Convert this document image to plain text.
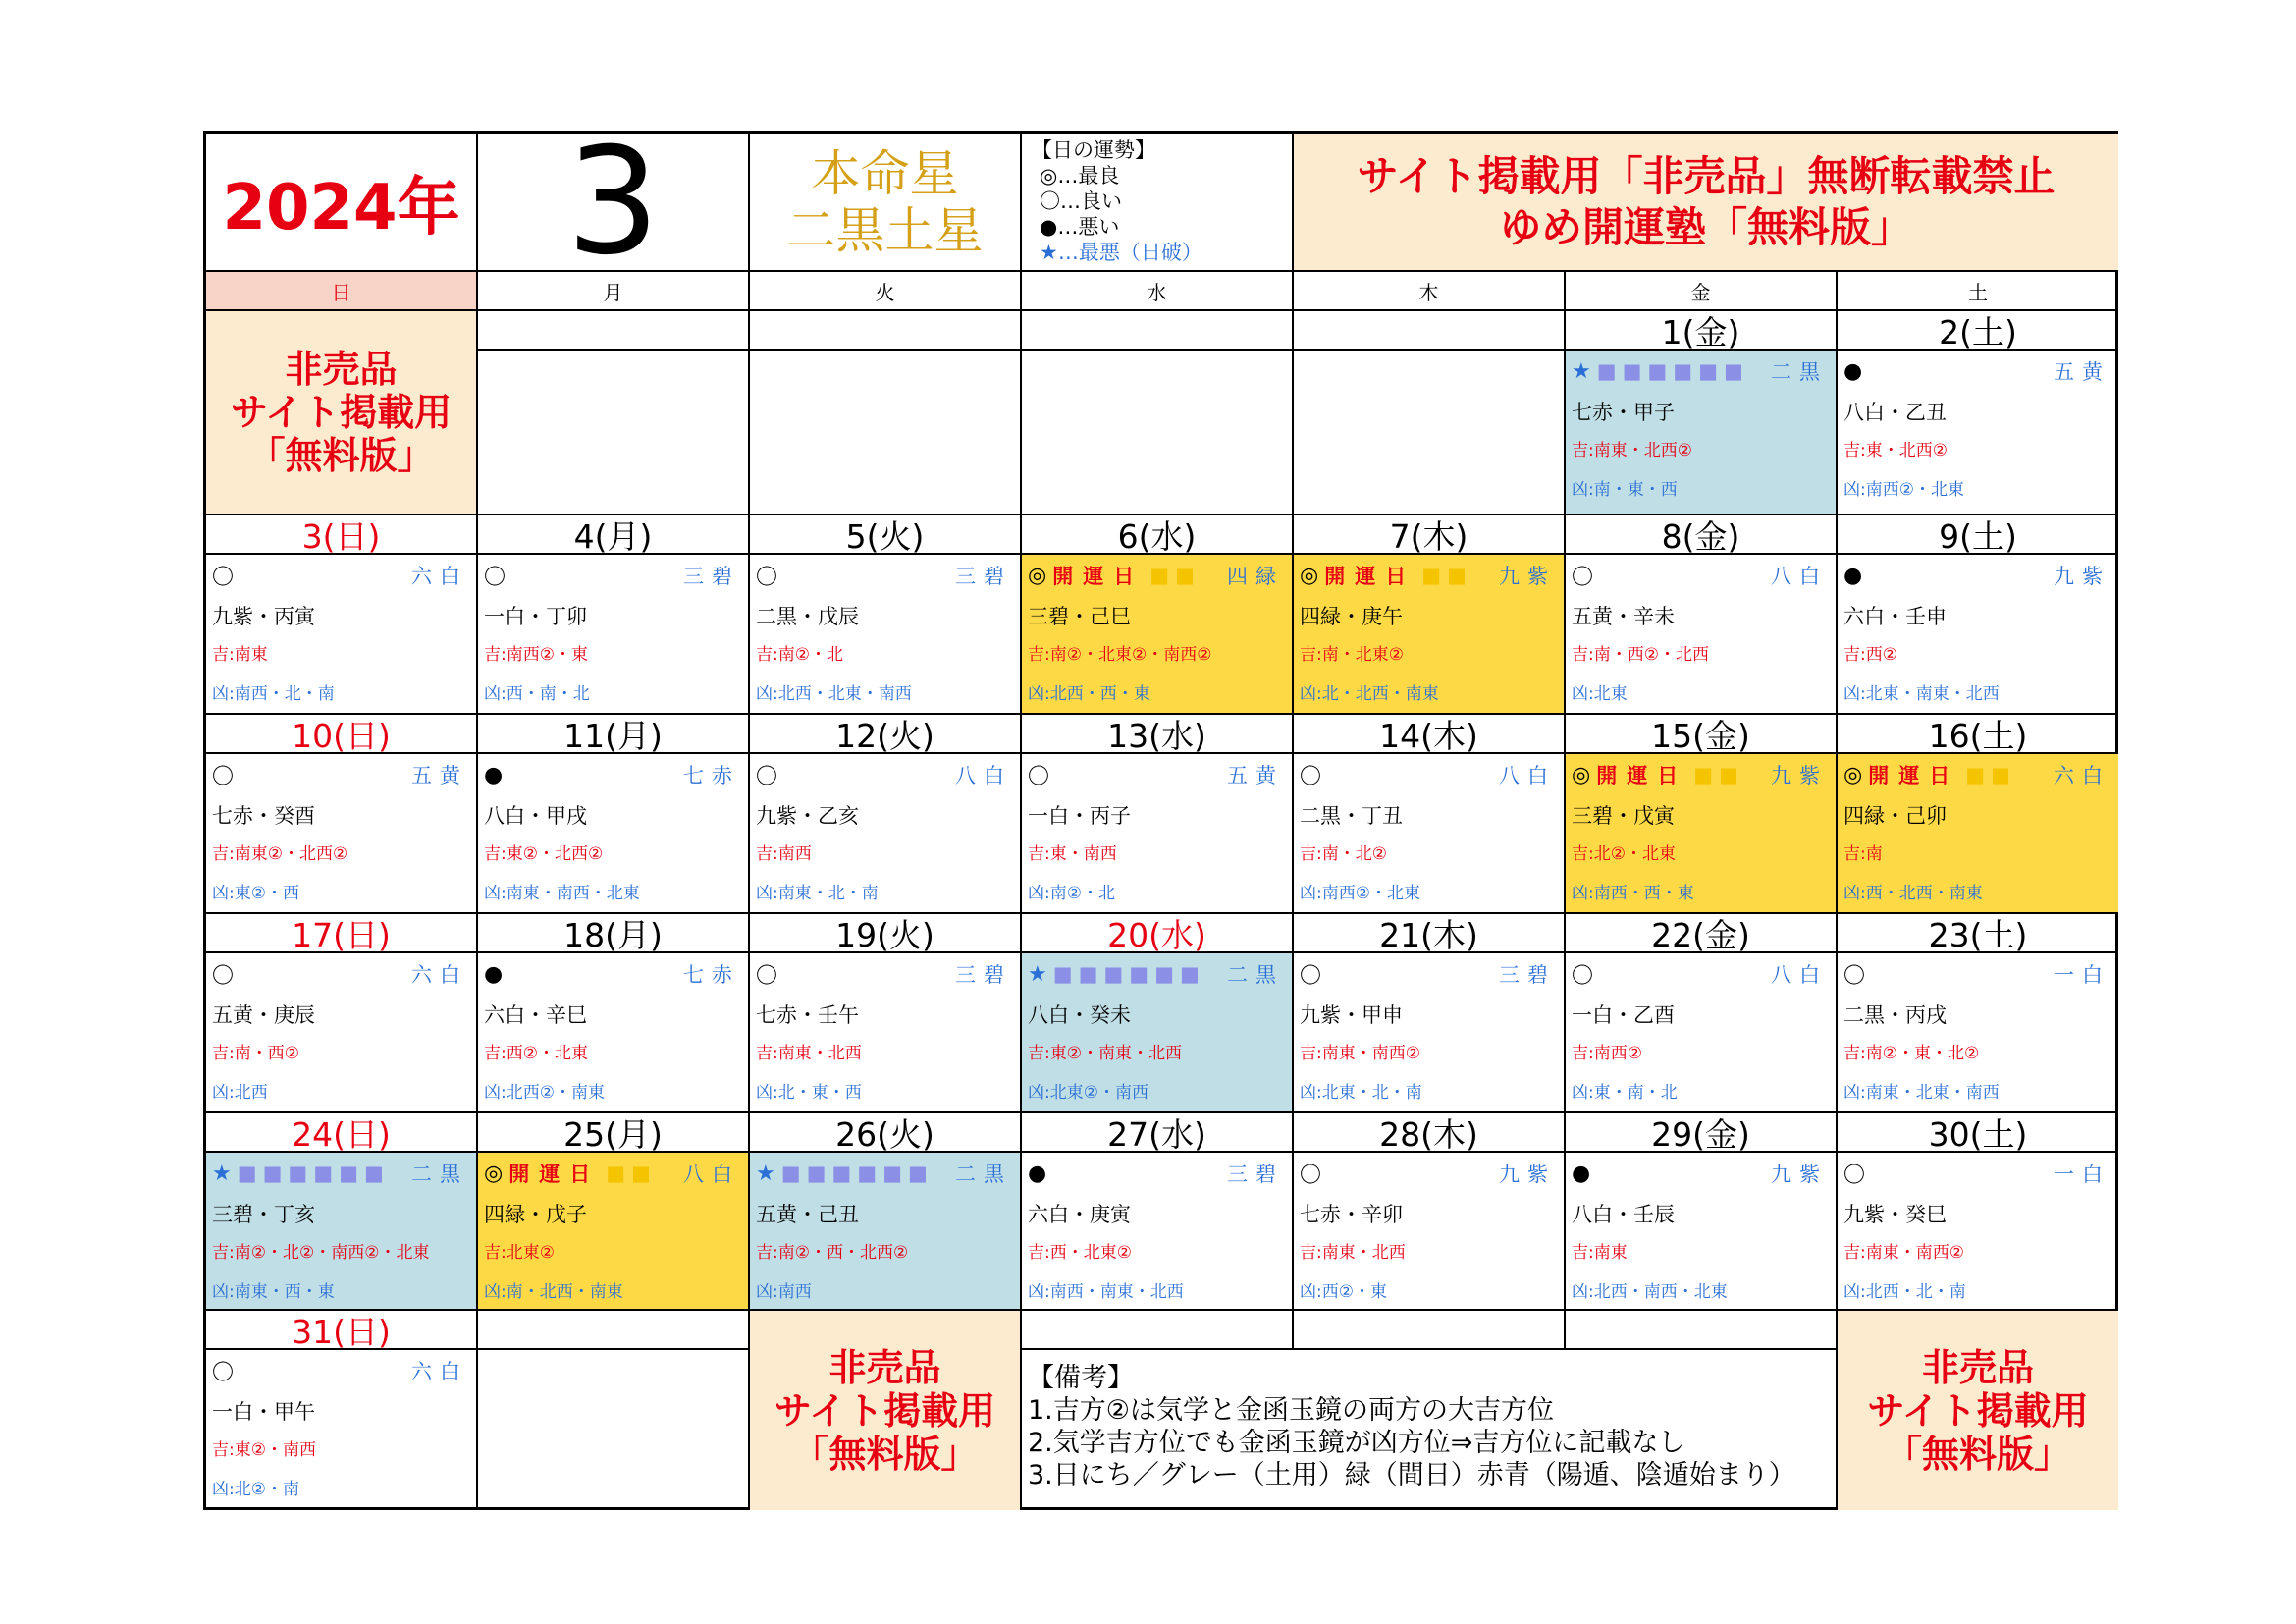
2024年 3	本命星
二黒土星
【日の運勢】
◎…最良
〇…良い
●…悪い
★…最悪（日破）
サイト掲載用「非売品」無断転載禁止
ゆめ開運塾「無料版」
日	月	火	水	木	金	土
非売品
サイト掲載用
「無料版」
1(金)
★ ■■■■■■ 二黒
七赤・甲子
吉:南東・北西②
凶:南・東・西
2(土)
●	五黄
八白・乙丑
吉:東・北西②
凶:南西②・北東
3(日)
〇	六白
九紫・丙寅
吉:南東
凶:南西・北・南
4(月)
〇	三碧
一白・丁卯
吉:南西②・東
凶:西・南・北
5(火)
〇	三碧
二黒・戊辰
吉:南②・北
凶:北西・北東・南西
6(水)
◎ 開運日 ■■ 四緑
三碧・己巳
吉:南②・北東②・南西②
凶:北西・西・東
7(木)
◎ 開運日 ■■ 九紫
四緑・庚午
吉:南・北東②
凶:北・北西・南東
8(金)
〇	八白
五黄・辛未
吉:南・西②・北西
凶:北東
9(土)
●	九紫
六白・壬申
吉:西②
凶:北東・南東・北西
10(日)
〇	五黄
七赤・癸酉
吉:南東②・北西②
凶:東②・西
11(月)
●	七赤
八白・甲戌
吉:東②・北西②
凶:南東・南西・北東
12(火)
〇	八白
九紫・乙亥
吉:南西
凶:南東・北・南
13(水)
〇	五黄
一白・丙子
吉:東・南西
凶:南②・北
14(木)
〇	八白
二黒・丁丑
吉:南・北②
凶:南西②・北東
15(金)
◎ 開運日 ■■ 九紫
三碧・戊寅
吉:北②・北東
凶:南西・西・東
16(土)
◎ 開運日 ■■ 六白
四緑・己卯
吉:南
凶:西・北西・南東
17(日)
〇	六白
五黄・庚辰
吉:南・西②
凶:北西
18(月)
●	七赤
六白・辛巳
吉:西②・北東
凶:北西②・南東
19(火)
〇	三碧
七赤・壬午
吉:南東・北西
凶:北・東・西
20(水)
★ ■■■■■■ 二黒
八白・癸未
吉:東②・南東・北西
凶:北東②・南西
21(木)
〇	三碧
九紫・甲申
吉:南東・南西②
凶:北東・北・南
22(金)
〇	八白
一白・乙酉
吉:南西②
凶:東・南・北
23(土)
〇	一白
二黒・丙戌
吉:南②・東・北②
凶:南東・北東・南西
24(日)
★ ■■■■■■ 二黒
三碧・丁亥
吉:南②・北②・南西②・北東
凶:南東・西・東
25(月)
◎ 開運日 ■■ 八白
四緑・戊子
吉:北東②
凶:南・北西・南東
26(火)
★ ■■■■■■ 二黒
五黄・己丑
吉:南②・西・北西②
凶:南西
27(水)
●	三碧
六白・庚寅
吉:西・北東②
凶:南西・南東・北西
28(木)
〇	九紫
七赤・辛卯
吉:南東・北西
凶:西②・東
29(金)
●	九紫
八白・壬辰
吉:南東
凶:北西・南西・北東
30(土)
〇	一白
九紫・癸巳
吉:南東・南西②
凶:北西・北・南
31(日)
〇	六白
一白・甲午
吉:東②・南西
凶:北②・南
非売品
サイト掲載用
「無料版」
【備考】
1.吉方②は気学と金函玉鏡の両方の大吉方位
2.気学吉方位でも金函玉鏡が凶方位⇒吉方位に記載なし
3.日にち／グレー（土用）緑（間日）赤青（陽遁、陰遁始まり）
非売品
サイト掲載用
「無料版」
